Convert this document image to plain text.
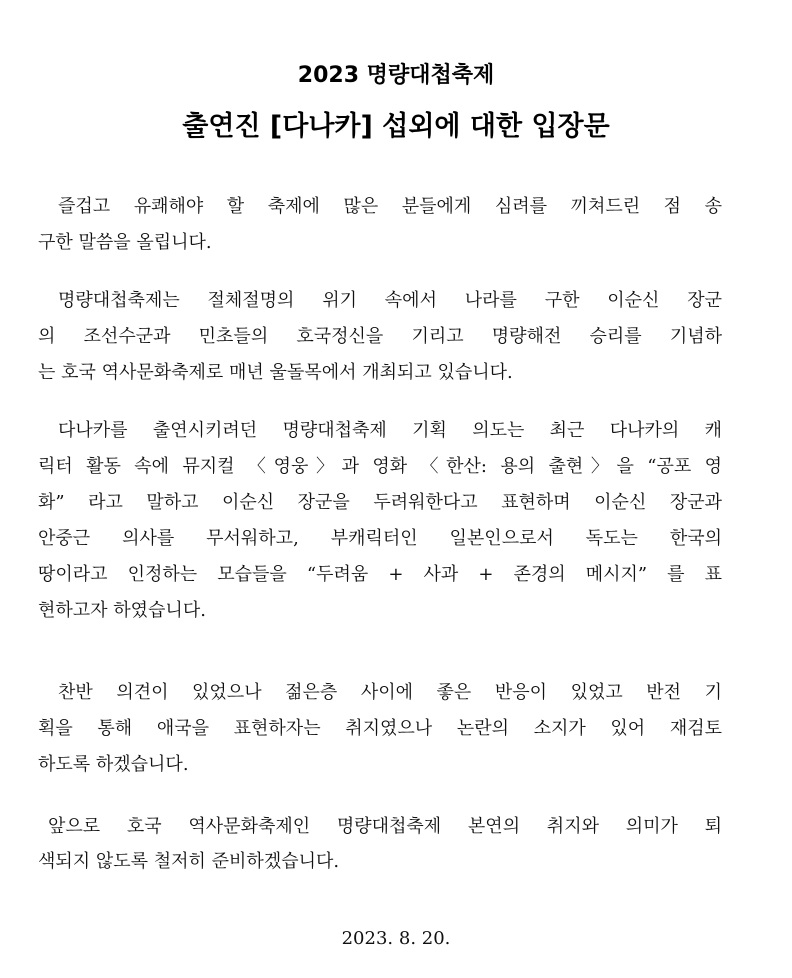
2023 명량대첩축제
출연진 [다나카] 섭외에 대한 입장문
즐겁고 유쾌해야 할 축제에 많은 분들에게 심려를 끼쳐드린 점 송
구한 말씀을 올립니다.
명량대첩축제는 절체절명의 위기 속에서 나라를 구한 이순신 장군
의 조선수군과 민초들의 호국정신을 기리고 명량해전 승리를 기념하
는 호국 역사문화축제로 매년 울돌목에서 개최되고 있습니다.
다나카를 출연시키려던 명량대첩축제 기획 의도는 최근 다나카의 캐
릭터 활동 속에 뮤지컬 〈영웅〉과 영화 〈한산: 용의 출현〉을 “공포 영
화” 라고 말하고 이순신 장군을 두려워한다고 표현하며 이순신 장군과
안중근 의사를 무서워하고, 부캐릭터인 일본인으로서 독도는 한국의
땅이라고 인정하는 모습들을 “두려움 + 사과 + 존경의 메시지” 를 표
현하고자 하였습니다.
찬반 의견이 있었으나 젊은층 사이에 좋은 반응이 있었고 반전 기
획을 통해 애국을 표현하자는 취지였으나 논란의 소지가 있어 재검토
하도록 하겠습니다.
앞으로 호국 역사문화축제인 명량대첩축제 본연의 취지와 의미가 퇴
색되지 않도록 철저히 준비하겠습니다.
2023. 8. 20.
